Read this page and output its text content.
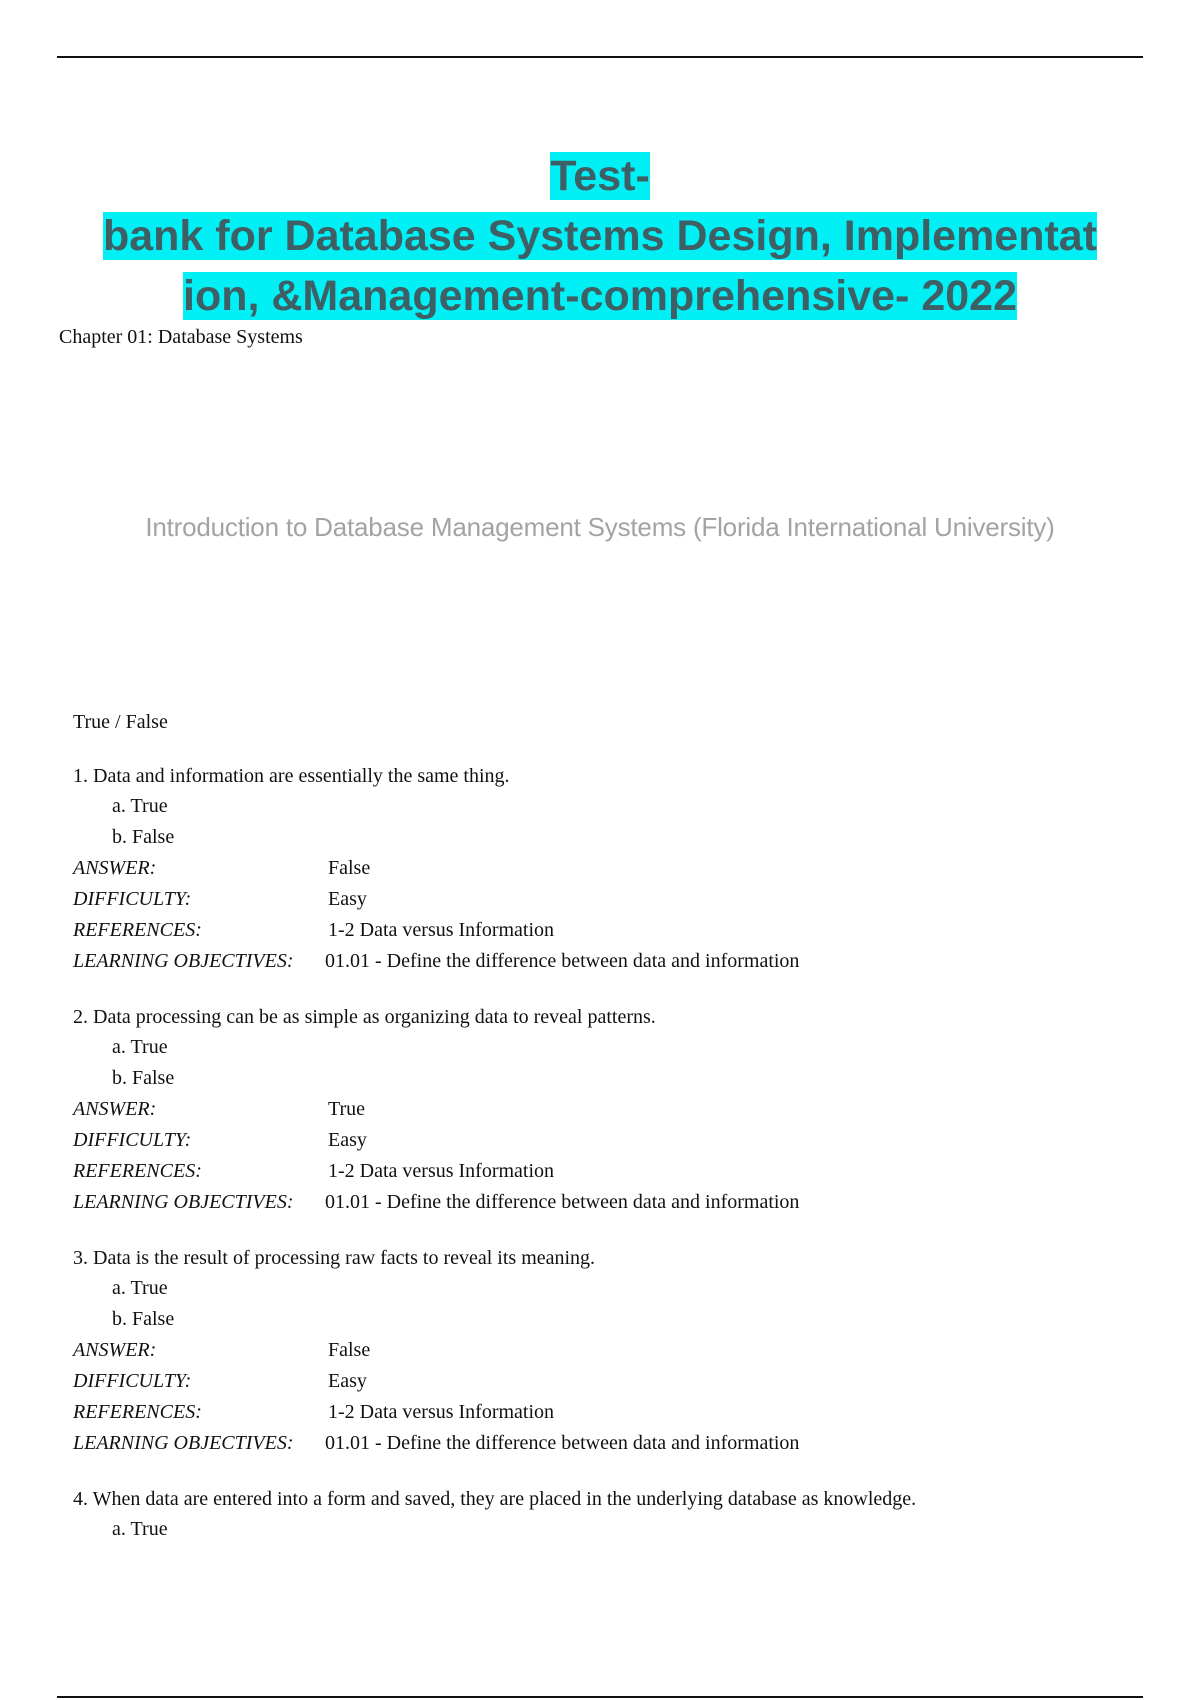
Test-
bank for Database Systems Design, Implementat
ion, &Management-comprehensive- 2022
Chapter 01: Database Systems
Introduction to Database Management Systems (Florida International University)
True / False
1. Data and information are essentially the same thing.
a. True
b. False
ANSWER:	False
DIFFICULTY:	Easy
REFERENCES:	1-2 Data versus Information
LEARNING OBJECTIVES:	01.01 - Define the difference between data and information
2. Data processing can be as simple as organizing data to reveal patterns.
a. True
b. False
ANSWER:	True
DIFFICULTY:	Easy
REFERENCES:	1-2 Data versus Information
LEARNING OBJECTIVES:	01.01 - Define the difference between data and information
3. Data is the result of processing raw facts to reveal its meaning.
a. True
b. False
ANSWER:	False
DIFFICULTY:	Easy
REFERENCES:	1-2 Data versus Information
LEARNING OBJECTIVES:	01.01 - Define the difference between data and information
4. When data are entered into a form and saved, they are placed in the underlying database as knowledge.
a. True
